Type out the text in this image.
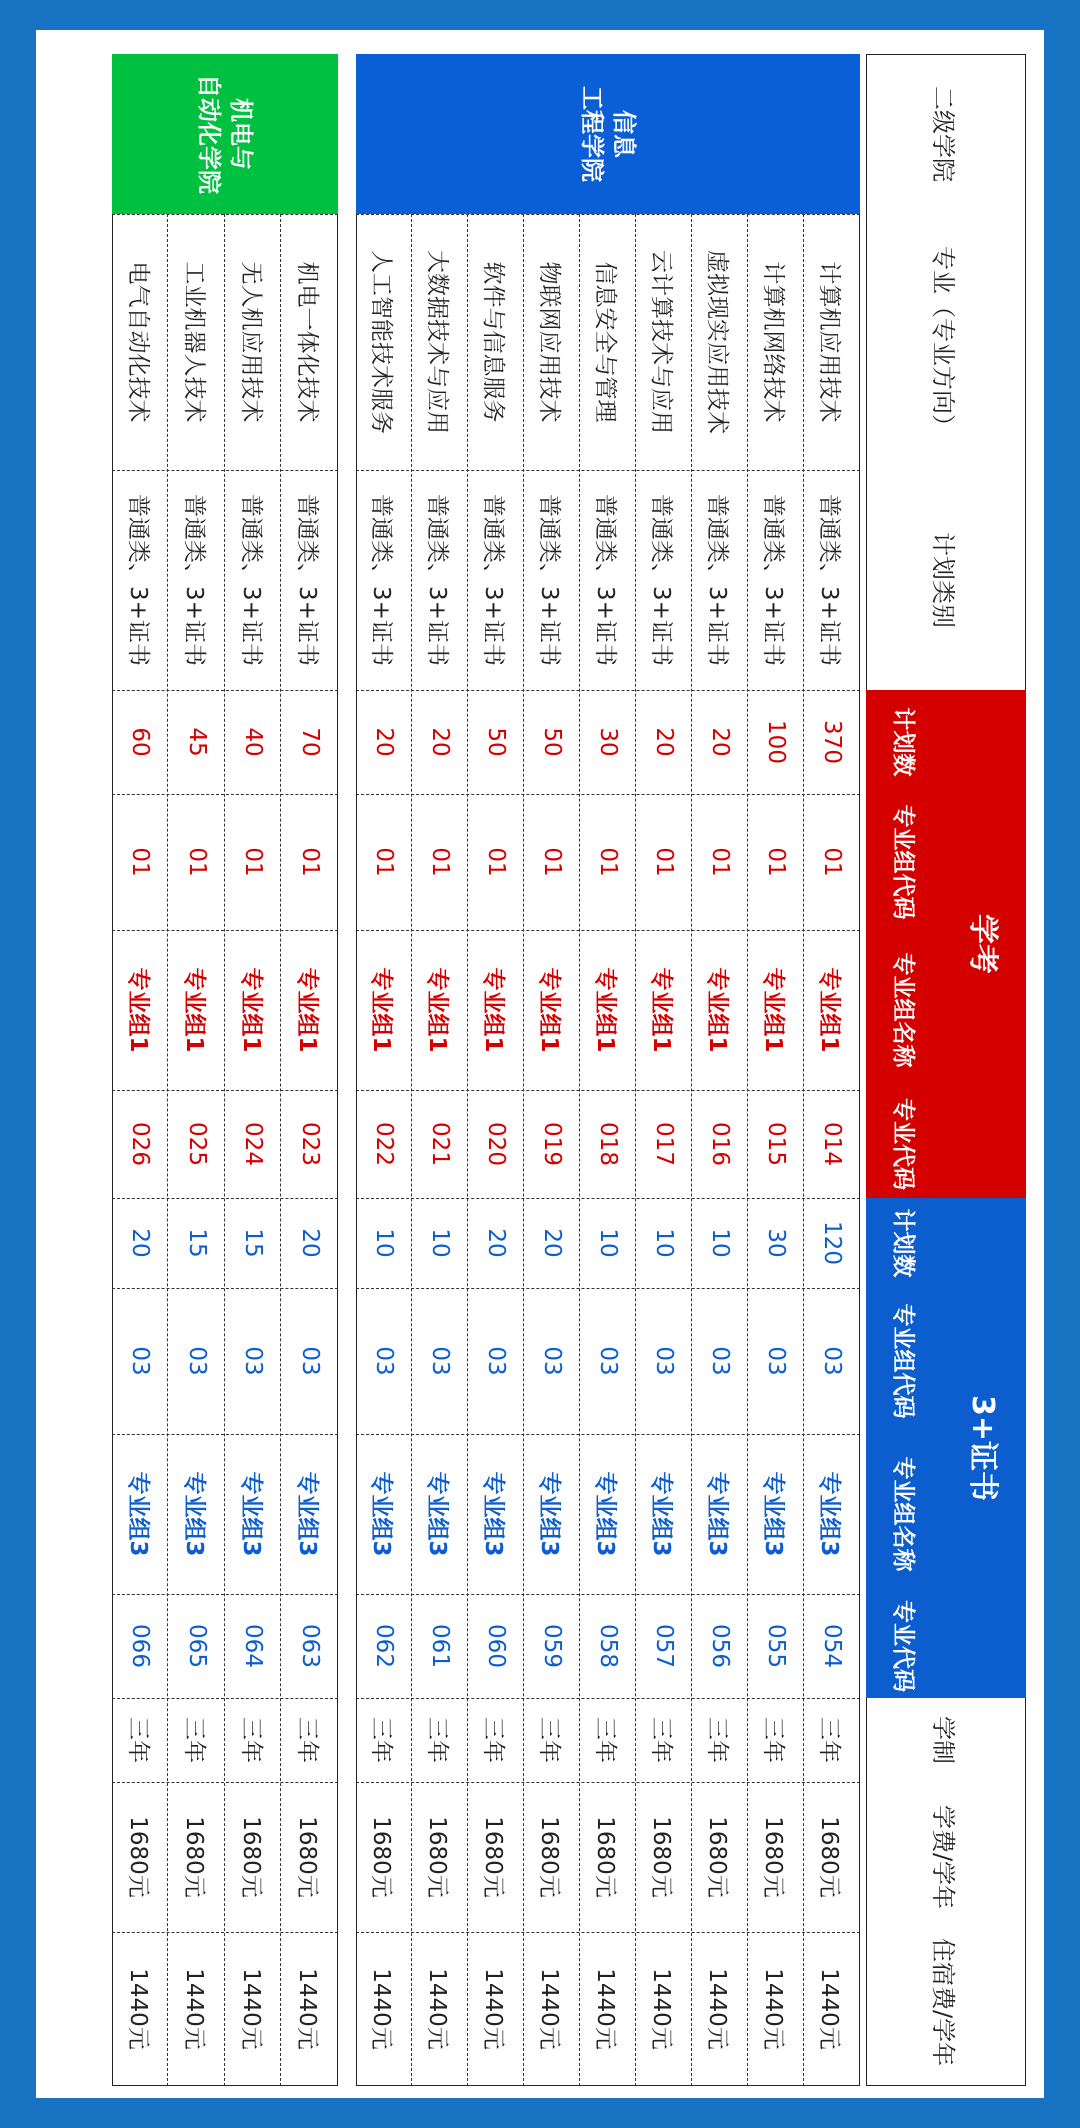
二级学院
专业（专业方向）
计划类别
学考
计划数
专业组代码
专业组名称
专业代码
3+证书
计划数
专业组代码
专业组名称
专业代码
学制
学费/学年
住宿费/学年
信息
工程学院
计算机应用技术
普通类、3+证书
370
01
专业组1
014
120
03
专业组3
054
三年
1680元
1440元
计算机网络技术
普通类、3+证书
100
01
专业组1
015
30
03
专业组3
055
三年
1680元
1440元
虚拟现实应用技术
普通类、3+证书
20
01
专业组1
016
10
03
专业组3
056
三年
1680元
1440元
云计算技术与应用
普通类、3+证书
20
01
专业组1
017
10
03
专业组3
057
三年
1680元
1440元
信息安全与管理
普通类、3+证书
30
01
专业组1
018
10
03
专业组3
058
三年
1680元
1440元
物联网应用技术
普通类、3+证书
50
01
专业组1
019
20
03
专业组3
059
三年
1680元
1440元
软件与信息服务
普通类、3+证书
50
01
专业组1
020
20
03
专业组3
060
三年
1680元
1440元
大数据技术与应用
普通类、3+证书
20
01
专业组1
021
10
03
专业组3
061
三年
1680元
1440元
人工智能技术服务
普通类、3+证书
20
01
专业组1
022
10
03
专业组3
062
三年
1680元
1440元
机电与
自动化学院
机电一体化技术
普通类、3+证书
70
01
专业组1
023
20
03
专业组3
063
三年
1680元
1440元
无人机应用技术
普通类、3+证书
40
01
专业组1
024
15
03
专业组3
064
三年
1680元
1440元
工业机器人技术
普通类、3+证书
45
01
专业组1
025
15
03
专业组3
065
三年
1680元
1440元
电气自动化技术
普通类、3+证书
60
01
专业组1
026
20
03
专业组3
066
三年
1680元
1440元
